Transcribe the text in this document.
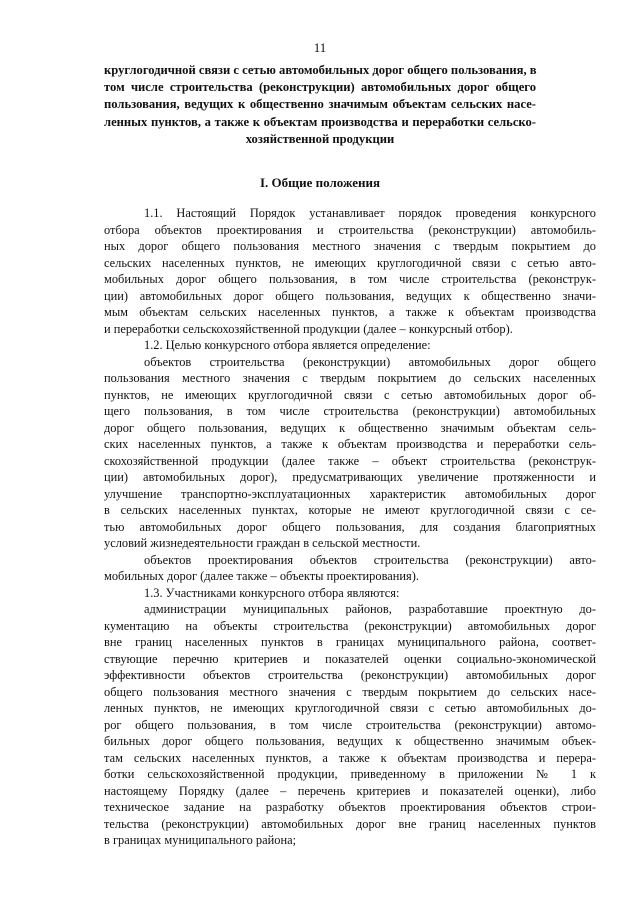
11
круглогодичной связи с сетью автомобильных дорог общего пользования, в
том числе строительства (реконструкции) автомобильных дорог общего
пользования, ведущих к общественно значимым объектам сельских насе-
ленных пунктов, а также к объектам производства и переработки сельско-
хозяйственной продукции
I. Общие положения
1.1. Настоящий Порядок устанавливает порядок проведения конкурсного
отбора объектов проектирования и строительства (реконструкции) автомобиль-
ных дорог общего пользования местного значения с твердым покрытием до
сельских населенных пунктов, не имеющих круглогодичной связи с сетью авто-
мобильных дорог общего пользования, в том числе строительства (реконструк-
ции) автомобильных дорог общего пользования, ведущих к общественно значи-
мым объектам сельских населенных пунктов, а также к объектам производства
и переработки сельскохозяйственной продукции (далее – конкурсный отбор).
1.2. Целью конкурсного отбора является определение:
объектов строительства (реконструкции) автомобильных дорог общего
пользования местного значения с твердым покрытием до сельских населенных
пунктов, не имеющих круглогодичной связи с сетью автомобильных дорог об-
щего пользования, в том числе строительства (реконструкции) автомобильных
дорог общего пользования, ведущих к общественно значимым объектам сель-
ских населенных пунктов, а также к объектам производства и переработки сель-
скохозяйственной продукции (далее также – объект строительства (реконструк-
ции) автомобильных дорог), предусматривающих увеличение протяженности и
улучшение транспортно-эксплуатационных характеристик автомобильных дорог
в сельских населенных пунктах, которые не имеют круглогодичной связи с се-
тью автомобильных дорог общего пользования, для создания благоприятных
условий жизнедеятельности граждан в сельской местности.
объектов проектирования объектов строительства (реконструкции) авто-
мобильных дорог (далее также – объекты проектирования).
1.3. Участниками конкурсного отбора являются:
администрации муниципальных районов, разработавшие проектную до-
кументацию на объекты строительства (реконструкции) автомобильных дорог
вне границ населенных пунктов в границах муниципального района, соответ-
ствующие перечню критериев и показателей оценки социально-экономической
эффективности объектов строительства (реконструкции) автомобильных дорог
общего пользования местного значения с твердым покрытием до сельских насе-
ленных пунктов, не имеющих круглогодичной связи с сетью автомобильных до-
рог общего пользования, в том числе строительства (реконструкции) автомо-
бильных дорог общего пользования, ведущих к общественно значимым объек-
там сельских населенных пунктов, а также к объектам производства и перера-
ботки сельскохозяйственной продукции, приведенному в приложении № 1 к
настоящему Порядку (далее – перечень критериев и показателей оценки), либо
техническое задание на разработку объектов проектирования объектов строи-
тельства (реконструкции) автомобильных дорог вне границ населенных пунктов
в границах муниципального района;
